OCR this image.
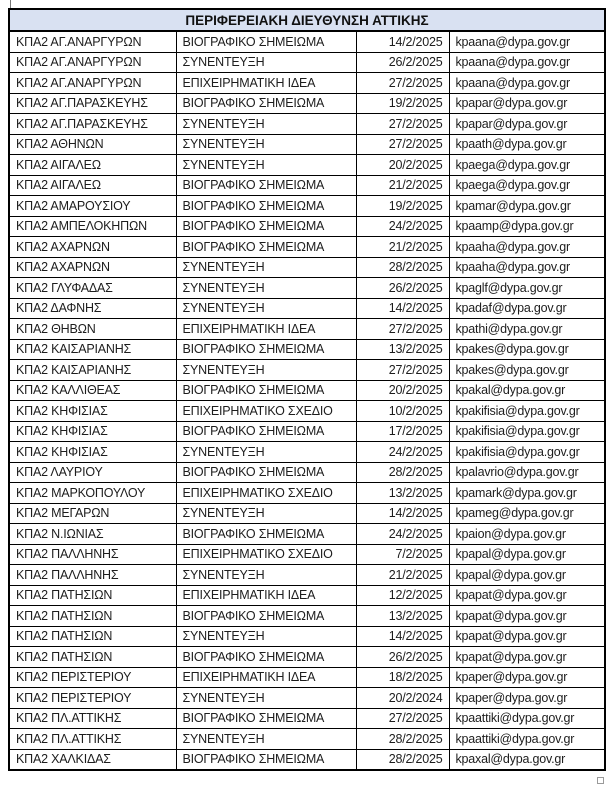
ΠΕΡΙΦΕΡΕΙΑΚΗ ΔΙΕΥΘΥΝΣΗ ΑΤΤΙΚΗΣ			
ΚΠΑ2 ΑΓ.ΑΝΑΡΓΥΡΩΝ	ΒΙΟΓΡΑΦΙΚΟ ΣΗΜΕΙΩΜΑ	14/2/2025	kpaana@dypa.gov.gr
ΚΠΑ2 ΑΓ.ΑΝΑΡΓΥΡΩΝ	ΣΥΝΕΝΤΕΥΞΗ	26/2/2025	kpaana@dypa.gov.gr
ΚΠΑ2 ΑΓ.ΑΝΑΡΓΥΡΩΝ	ΕΠΙΧΕΙΡΗΜΑΤΙΚΗ ΙΔΕΑ	27/2/2025	kpaana@dypa.gov.gr
ΚΠΑ2 ΑΓ.ΠΑΡΑΣΚΕΥΗΣ	ΒΙΟΓΡΑΦΙΚΟ ΣΗΜΕΙΩΜΑ	19/2/2025	kpapar@dypa.gov.gr
ΚΠΑ2 ΑΓ.ΠΑΡΑΣΚΕΥΗΣ	ΣΥΝΕΝΤΕΥΞΗ	27/2/2025	kpapar@dypa.gov.gr
ΚΠΑ2 ΑΘΗΝΩΝ	ΣΥΝΕΝΤΕΥΞΗ	27/2/2025	kpaath@dypa.gov.gr
ΚΠΑ2 ΑΙΓΑΛΕΩ	ΣΥΝΕΝΤΕΥΞΗ	20/2/2025	kpaega@dypa.gov.gr
ΚΠΑ2 ΑΙΓΑΛΕΩ	ΒΙΟΓΡΑΦΙΚΟ ΣΗΜΕΙΩΜΑ	21/2/2025	kpaega@dypa.gov.gr
ΚΠΑ2 ΑΜΑΡΟΥΣΙΟΥ	ΒΙΟΓΡΑΦΙΚΟ ΣΗΜΕΙΩΜΑ	19/2/2025	kpamar@dypa.gov.gr
ΚΠΑ2 ΑΜΠΕΛΟΚΗΠΩΝ	ΒΙΟΓΡΑΦΙΚΟ ΣΗΜΕΙΩΜΑ	24/2/2025	kpaamp@dypa.gov.gr
ΚΠΑ2 ΑΧΑΡΝΩΝ	ΒΙΟΓΡΑΦΙΚΟ ΣΗΜΕΙΩΜΑ	21/2/2025	kpaaha@dypa.gov.gr
ΚΠΑ2 ΑΧΑΡΝΩΝ	ΣΥΝΕΝΤΕΥΞΗ	28/2/2025	kpaaha@dypa.gov.gr
ΚΠΑ2 ΓΛΥΦΑΔΑΣ	ΣΥΝΕΝΤΕΥΞΗ	26/2/2025	kpaglf@dypa.gov.gr
ΚΠΑ2 ΔΑΦΝΗΣ	ΣΥΝΕΝΤΕΥΞΗ	14/2/2025	kpadaf@dypa.gov.gr
ΚΠΑ2 ΘΗΒΩΝ	ΕΠΙΧΕΙΡΗΜΑΤΙΚΗ ΙΔΕΑ	27/2/2025	kpathi@dypa.gov.gr
ΚΠΑ2 ΚΑΙΣΑΡΙΑΝΗΣ	ΒΙΟΓΡΑΦΙΚΟ ΣΗΜΕΙΩΜΑ	13/2/2025	kpakes@dypa.gov.gr
ΚΠΑ2 ΚΑΙΣΑΡΙΑΝΗΣ	ΣΥΝΕΝΤΕΥΞΗ	27/2/2025	kpakes@dypa.gov.gr
ΚΠΑ2 ΚΑΛΛΙΘΕΑΣ	ΒΙΟΓΡΑΦΙΚΟ ΣΗΜΕΙΩΜΑ	20/2/2025	kpakal@dypa.gov.gr
ΚΠΑ2 ΚΗΦΙΣΙΑΣ	ΕΠΙΧΕΙΡΗΜΑΤΙΚΟ ΣΧΕΔΙΟ	10/2/2025	kpakifisia@dypa.gov.gr
ΚΠΑ2 ΚΗΦΙΣΙΑΣ	ΒΙΟΓΡΑΦΙΚΟ ΣΗΜΕΙΩΜΑ	17/2/2025	kpakifisia@dypa.gov.gr
ΚΠΑ2 ΚΗΦΙΣΙΑΣ	ΣΥΝΕΝΤΕΥΞΗ	24/2/2025	kpakifisia@dypa.gov.gr
ΚΠΑ2 ΛΑΥΡΙΟΥ	ΒΙΟΓΡΑΦΙΚΟ ΣΗΜΕΙΩΜΑ	28/2/2025	kpalavrio@dypa.gov.gr
ΚΠΑ2 ΜΑΡΚΟΠΟΥΛΟΥ	ΕΠΙΧΕΙΡΗΜΑΤΙΚΟ ΣΧΕΔΙΟ	13/2/2025	kpamark@dypa.gov.gr
ΚΠΑ2 ΜΕΓΑΡΩΝ	ΣΥΝΕΝΤΕΥΞΗ	14/2/2025	kpameg@dypa.gov.gr
ΚΠΑ2 Ν.ΙΩΝΙΑΣ	ΒΙΟΓΡΑΦΙΚΟ ΣΗΜΕΙΩΜΑ	24/2/2025	kpaion@dypa.gov.gr
ΚΠΑ2 ΠΑΛΛΗΝΗΣ	ΕΠΙΧΕΙΡΗΜΑΤΙΚΟ ΣΧΕΔΙΟ	7/2/2025	kpapal@dypa.gov.gr
ΚΠΑ2 ΠΑΛΛΗΝΗΣ	ΣΥΝΕΝΤΕΥΞΗ	21/2/2025	kpapal@dypa.gov.gr
ΚΠΑ2 ΠΑΤΗΣΙΩΝ	ΕΠΙΧΕΙΡΗΜΑΤΙΚΗ ΙΔΕΑ	12/2/2025	kpapat@dypa.gov.gr
ΚΠΑ2 ΠΑΤΗΣΙΩΝ	ΒΙΟΓΡΑΦΙΚΟ ΣΗΜΕΙΩΜΑ	13/2/2025	kpapat@dypa.gov.gr
ΚΠΑ2 ΠΑΤΗΣΙΩΝ	ΣΥΝΕΝΤΕΥΞΗ	14/2/2025	kpapat@dypa.gov.gr
ΚΠΑ2 ΠΑΤΗΣΙΩΝ	ΒΙΟΓΡΑΦΙΚΟ ΣΗΜΕΙΩΜΑ	26/2/2025	kpapat@dypa.gov.gr
ΚΠΑ2 ΠΕΡΙΣΤΕΡΙΟΥ	ΕΠΙΧΕΙΡΗΜΑΤΙΚΗ ΙΔΕΑ	18/2/2025	kpaper@dypa.gov.gr
ΚΠΑ2 ΠΕΡΙΣΤΕΡΙΟΥ	ΣΥΝΕΝΤΕΥΞΗ	20/2/2024	kpaper@dypa.gov.gr
ΚΠΑ2 ΠΛ.ΑΤΤΙΚΗΣ	ΒΙΟΓΡΑΦΙΚΟ ΣΗΜΕΙΩΜΑ	27/2/2025	kpaattiki@dypa.gov.gr
ΚΠΑ2 ΠΛ.ΑΤΤΙΚΗΣ	ΣΥΝΕΝΤΕΥΞΗ	28/2/2025	kpaattiki@dypa.gov.gr
ΚΠΑ2 ΧΑΛΚΙΔΑΣ	ΒΙΟΓΡΑΦΙΚΟ ΣΗΜΕΙΩΜΑ	28/2/2025	kpaxal@dypa.gov.gr
